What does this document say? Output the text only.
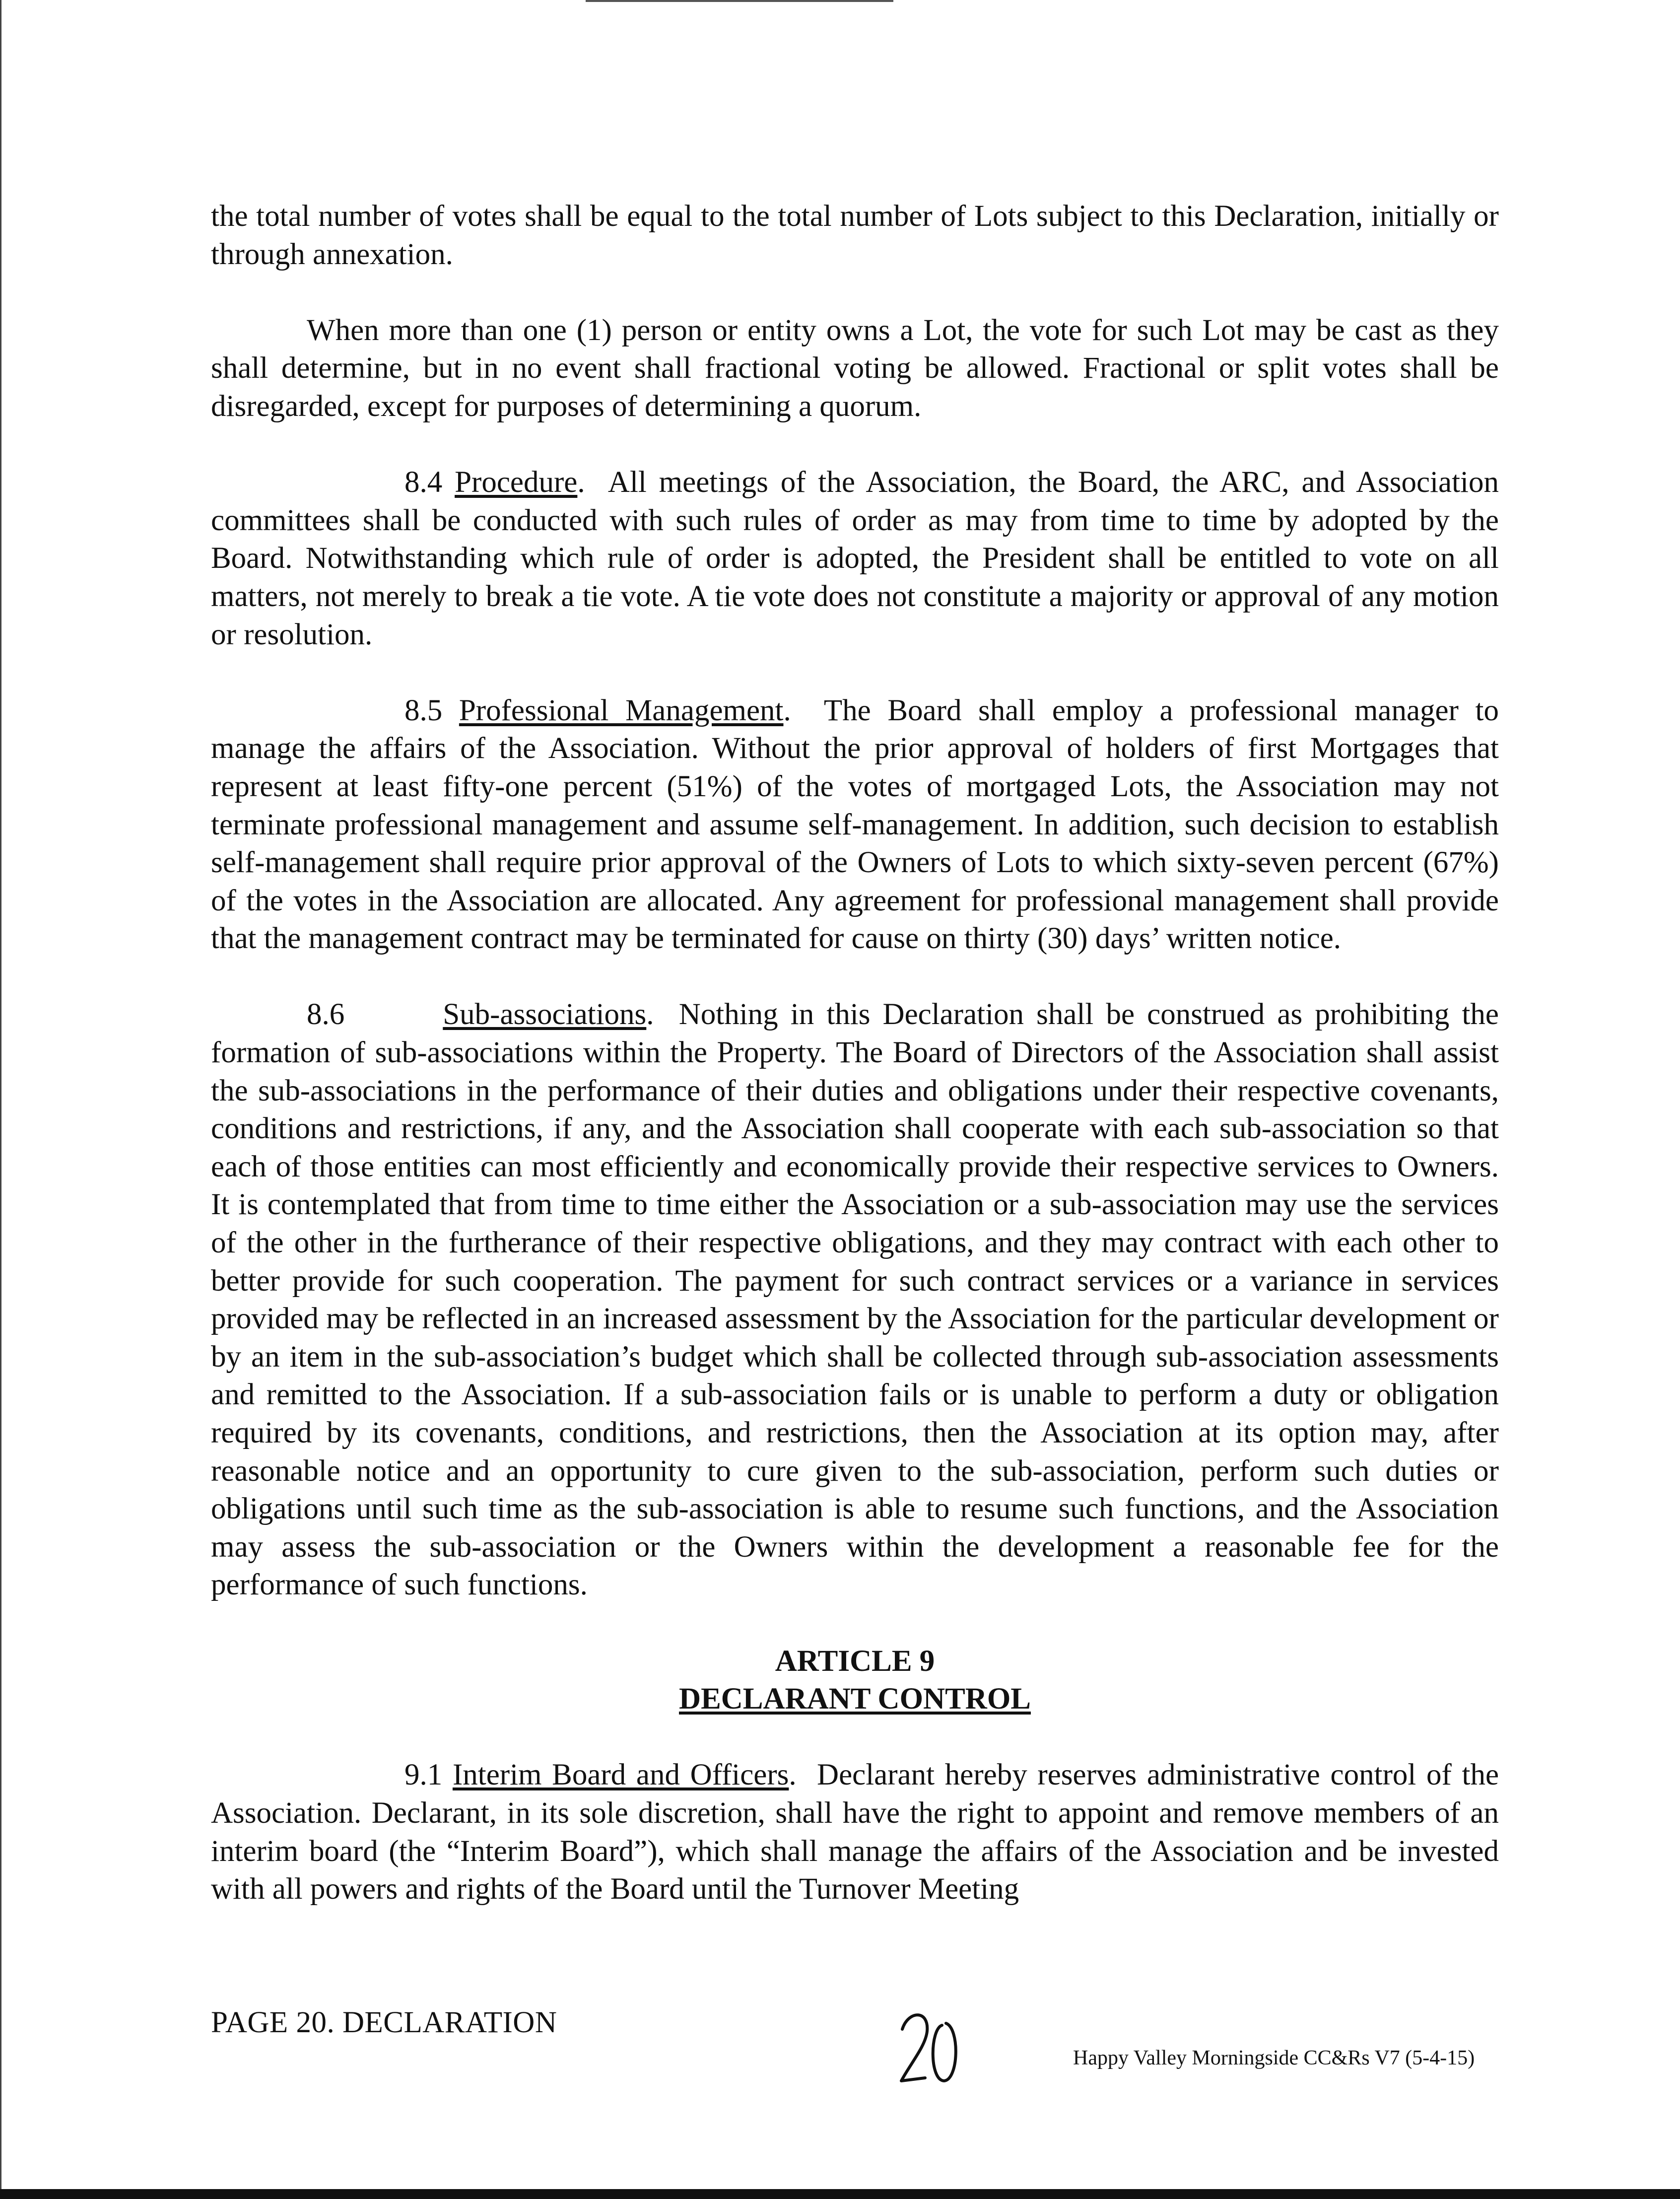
the total number of votes shall be equal to the total number of Lots subject to this Declaration, initially or through annexation.

When more than one (1) person or entity owns a Lot, the vote for such Lot may be cast as they shall determine, but in no event shall fractional voting be allowed. Fractional or split votes shall be disregarded, except for purposes of determining a quorum.

8.4 Procedure.  All meetings of the Association, the Board, the ARC, and Association committees shall be conducted with such rules of order as may from time to time by adopted by the Board. Notwithstanding which rule of order is adopted, the President shall be entitled to vote on all matters, not merely to break a tie vote. A tie vote does not constitute a majority or approval of any motion or resolution.

8.5 Professional Management.  The Board shall employ a professional manager to manage the affairs of the Association. Without the prior approval of holders of first Mortgages that represent at least fifty-one percent (51%) of the votes of mortgaged Lots, the Association may not terminate professional management and assume self-management. In addition, such decision to establish self-management shall require prior approval of the Owners of Lots to which sixty-seven percent (67%) of the votes in the Association are allocated. Any agreement for professional management shall provide that the management contract may be terminated for cause on thirty (30) days’ written notice.

8.6	Sub-associations.  Nothing in this Declaration shall be construed as prohibiting the formation of sub-associations within the Property. The Board of Directors of the Association shall assist the sub-associations in the performance of their duties and obligations under their respective covenants, conditions and restrictions, if any, and the Association shall cooperate with each sub-association so that each of those entities can most efficiently and economically provide their respective services to Owners. It is contemplated that from time to time either the Association or a sub-association may use the services of the other in the furtherance of their respective obligations, and they may contract with each other to better provide for such cooperation. The payment for such contract services or a variance in services provided may be reflected in an increased assessment by the Association for the particular development or by an item in the sub-association’s budget which shall be collected through sub-association assessments and remitted to the Association. If a sub-association fails or is unable to perform a duty or obligation required by its covenants, conditions, and restrictions, then the Association at its option may, after reasonable notice and an opportunity to cure given to the sub-association, perform such duties or obligations until such time as the sub-association is able to resume such functions, and the Association may assess the sub-association or the Owners within the development a reasonable fee for the performance of such functions.

ARTICLE 9
DECLARANT CONTROL

9.1 Interim Board and Officers.  Declarant hereby reserves administrative control of the Association. Declarant, in its sole discretion, shall have the right to appoint and remove members of an interim board (the “Interim Board”), which shall manage the affairs of the Association and be invested with all powers and rights of the Board until the Turnover Meeting

PAGE 20. DECLARATION
Happy Valley Morningside CC&Rs V7 (5-4-15)
